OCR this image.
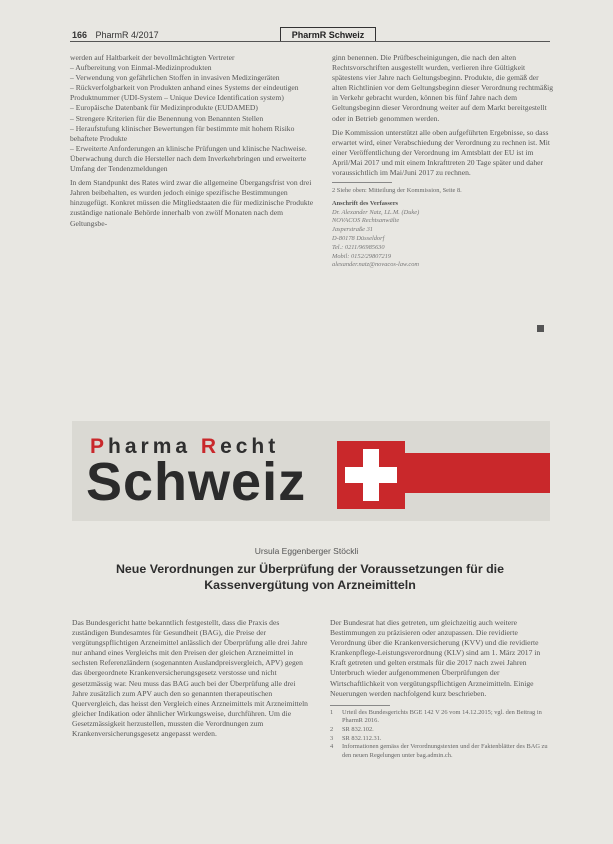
166 PharmR 4/2017	PharmR Schweiz

werden auf Haltbarkeit der bevollmächtigten Vertreter

– Aufbereitung von Einmal-Medizinprodukten

– Verwendung von gefährlichen Stoffen in invasiven Medizingeräten

– Rückverfolgbarkeit von Produkten anhand eines Systems der eindeutigen Produktnummer (UDI-System – Unique Device Identification system)

– Europäische Datenbank für Medizinprodukte (EUDAMED)

– Strengere Kriterien für die Benennung von Benannten Stellen

– Heraufstufung klinischer Bewertungen für bestimmte mit hohem Risiko behaftete Produkte

– Erweiterte Anforderungen an klinische Prüfungen und klinische Nachweise.

Überwachung durch die Hersteller nach dem Inverkehrbringen und erweiterte Umfang der Tendenzmeldungen

In dem Standpunkt des Rates wird zwar die allgemeine Übergangsfrist von drei Jahren beibehalten, es wurden jedoch einige spezifische Bestimmungen hinzugefügt. Konkret müssen die Mitgliedstaaten die für medizinische Produkte zuständige nationale Behörde innerhalb von zwölf Monaten nach dem Geltungsbe-

ginn benennen. Die Prüfbescheinigungen, die nach den alten Rechtsvorschriften ausgestellt wurden, verlieren ihre Gültigkeit spätestens vier Jahre nach Geltungsbeginn. Produkte, die gemäß der alten Richtlinien vor dem Geltungsbeginn dieser Verordnung rechtmäßig in Verkehr gebracht wurden, können bis fünf Jahre nach dem Geltungsbeginn dieser Verordnung weiter auf dem Markt bereitgestellt oder in Betrieb genommen werden.

Die Kommission unterstützt alle oben aufgeführten Ergebnisse, so dass erwartet wird, einer Verabschiedung der Verordnung zu rechnen ist. Mit einer Veröffentlichung der Verordnung im Amtsblatt der EU ist im April/Mai 2017 und mit einem Inkrafttreten 20 Tage später und daher voraussichtlich im Mai/Juni 2017 zu rechnen.

2 Siehe oben: Mitteilung der Kommission, Seite 8.

Anschrift des Verfassers
Dr. Alexander Natz, LL.M. (Duke)
NOVACOS Rechtsanwälte
Jasperstraße 31
D-80178 Düsseldorf
Tel.: 0211/96985630
Mobil: 0152/29807219
alexander.natz@novacos-law.com
Pharma Recht
Schweiz
Ursula Eggenberger Stöckli
Neue Verordnungen zur Überprüfung der Voraussetzungen für die Kassenvergütung von Arzneimitteln

Das Bundesgericht hatte bekanntlich festgestellt, dass die Praxis des zuständigen Bundesamtes für Gesundheit (BAG), die Preise der vergütungspflichtigen Arzneimittel anlässlich der Überprüfung alle drei Jahre nur anhand eines Vergleichs mit den Preisen der gleichen Arzneimittel in sechsten Referenzländern (sogenannten Auslandpreisvergleich, APV) gegen das übergeordnete Krankenversicherungsgesetz verstosse und nicht gesetzmässig war. Neu muss das BAG auch bei der Überprüfung alle drei Jahre zusätzlich zum APV auch den so genannten therapeutischen Quervergleich, das heisst den Vergleich eines Arzneimittels mit Arzneimitteln gleicher Indikation oder ähnlicher Wirkungsweise, durchführen. Um die Gesetzmässigkeit herzustellen, mussten die Verordnungen zum Krankenversicherungsgesetz angepasst werden.

Der Bundesrat hat dies getreten, um gleichzeitig auch weitere Bestimmungen zu präzisieren oder anzupassen. Die revidierte Verordnung über die Krankenversicherung (KVV) und die revidierte Krankenpflege-Leistungsverordnung (KLV) sind am 1. März 2017 in Kraft getreten und gelten erstmals für die 2017 nach zwei Jahren Unterbruch wieder aufgenommenen Überprüfungen der Wirtschaftlichkeit von vergütungspflichtigen Arzneimitteln. Einige Neuerungen werden nachfolgend kurz beschrieben.

1	Urteil des Bundesgerichts BGE 142 V 26 vom 14.12.2015; vgl. den Beitrag in PharmR 2016.
2	SR 832.102.
3	SR 832.112.31.
4	Informationen gemäss der Verordnungstexten und der Faktenblätter des BAG zu den neuen Regelungen unter bag.admin.ch.
